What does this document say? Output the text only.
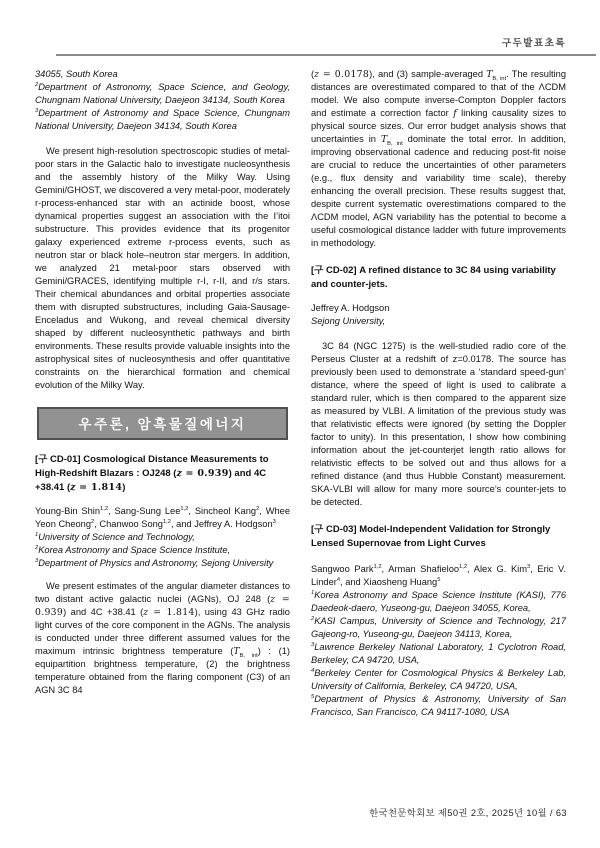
구두발표초록
34055, South Korea
$^2$Department of Astronomy, Space Science, and Geology, Chungnam National University, Daejeon 34134, South Korea
$^3$Department of Astronomy and Space Science, Chungnam National University, Daejeon 34134, South Korea
We present high-resolution spectroscopic studies of metal-poor stars in the Galactic halo to investigate nucleosynthesis and the assembly history of the Milky Way. Using Gemini/GHOST, we discovered a very metal-poor, moderately r-process-enhanced star with an actinide boost, whose dynamical properties suggest an association with the I’itoi substructure. This provides evidence that its progenitor galaxy experienced extreme r-process events, such as neutron star or black hole–neutron star mergers. In addition, we analyzed 21 metal-poor stars observed with Gemini/GRACES, identifying multiple r-I, r-II, and r/s stars. Their chemical abundances and orbital properties associate them with disrupted substructures, including Gaia-Sausage-Enceladus and Wukong, and reveal chemical diversity shaped by different nucleosynthetic pathways and birth environments. These results provide valuable insights into the astrophysical sites of nucleosynthesis and offer quantitative constraints on the hierarchical formation and chemical evolution of the Milky Way.
우주론, 암흑물질에너지
[구 CD-01] Cosmological Distance Measurements to High-Redshift Blazars : OJ248 (z = 0.939) and 4C +38.41 (z = 1.814)
Young-Bin Shin$^{1,2}$, Sang-Sung Lee$^{1,2}$, Sincheol Kang$^2$, Whee Yeon Cheong$^2$, Chanwoo Song$^{1,2}$, and Jeffrey A. Hodgson$^3$
$^1$University of Science and Technology,
$^2$Korea Astronomy and Space Science Institute,
$^3$Department of Physics and Astronomy, Sejong University
We present estimates of the angular diameter distances to two distant active galactic nuclei (AGNs), OJ 248 (z = 0.939) and 4C +38.41 (z = 1.814), using 43 GHz radio light curves of the core component in the AGNs. The analysis is conducted under three different assumed values for the maximum intrinsic brightness temperature $(T_{B, int})$ : (1) equipartition brightness temperature, (2) the brightness temperature obtained from the flaring component (C3) of an AGN 3C 84
(z = 0.0178), and (3) sample-averaged $T_{B, int}$. The resulting distances are overestimated compared to that of the ΛCDM model. We also compute inverse-Compton Doppler factors and estimate a correction factor f linking causality sizes to physical source sizes. Our error budget analysis shows that uncertainties in $T_{B, int}$ dominate the total error. In addition, improving observational cadence and reducing post-fit noise are crucial to reduce the uncertainties of other parameters (e.g., flux density and variability time scale), thereby enhancing the overall precision. These results suggest that, despite current systematic overestimations compared to the ΛCDM model, AGN variability has the potential to become a useful cosmological distance ladder with future improvements in methodology.
[구 CD-02] A refined distance to 3C 84 using variability and counter-jets.
Jeffrey A. Hodgson
Sejong University,
3C 84 (NGC 1275) is the well-studied radio core of the Perseus Cluster at a redshift of z=0.0178. The source has previously been used to demonstrate a ‘standard speed-gun’ distance, where the speed of light is used to calibrate a standard ruler, which is then compared to the apparent size as measured by VLBI. A limitation of the previous study was that relativistic effects were ignored (by setting the Doppler factor to unity). In this presentation, I show how combining information about the jet-counterjet length ratio allows for relativistic effects to be solved out and thus allows for a refined distance (and thus Hubble Constant) measurement. SKA-VLBI will allow for many more source’s counter-jets to be detected.
[구 CD-03] Model-Independent Validation for Strongly Lensed Supernovae from Light Curves
Sangwoo Park$^{1,2}$, Arman Shafieloo$^{1,2}$, Alex G. Kim$^3$, Eric V. Linder$^4$, and Xiaosheng Huang$^5$
$^1$Korea Astronomy and Space Science Institute (KASI), 776 Daedeok-daero, Yuseong-gu, Daejeon 34055, Korea,
$^2$KASI Campus, University of Science and Technology, 217 Gajeong-ro, Yuseong-gu, Daejeon 34113, Korea,
$^3$Lawrence Berkeley National Laboratory, 1 Cyclotron Road, Berkeley, CA 94720, USA,
$^4$Berkeley Center for Cosmological Physics & Berkeley Lab, University of California, Berkeley, CA 94720, USA,
$^5$Department of Physics & Astronomy, University of San Francisco, San Francisco, CA 94117-1080, USA
한국천문학회보 제50권 2호, 2025년 10월 / 63
